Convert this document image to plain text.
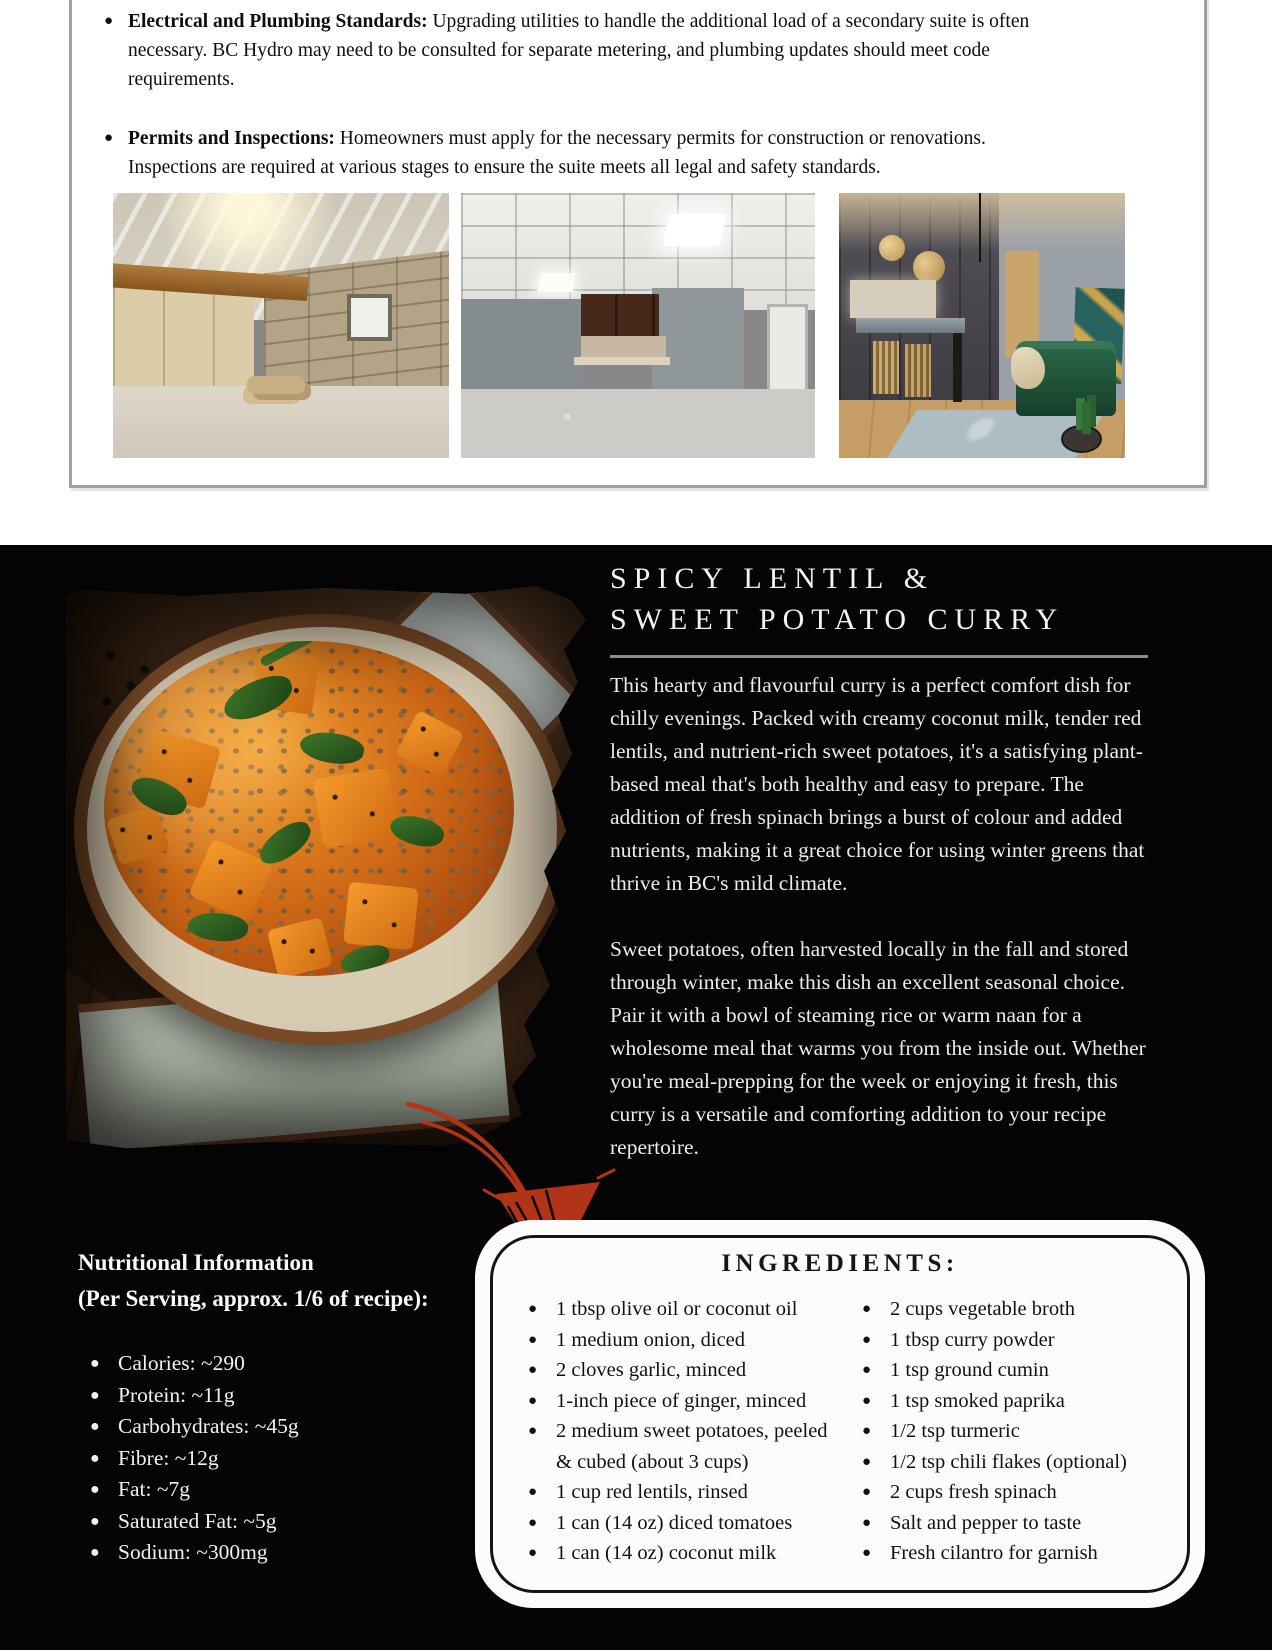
● Electrical and Plumbing Standards: Upgrading utilities to handle the additional load of a secondary suite is often necessary. BC Hydro may need to be consulted for separate metering, and plumbing updates should meet code requirements.
● Permits and Inspections: Homeowners must apply for the necessary permits for construction or renovations. Inspections are required at various stages to ensure the suite meets all legal and safety standards.
SPICY LENTIL &
SWEET POTATO CURRY

This hearty and flavourful curry is a perfect comfort dish for chilly evenings. Packed with creamy coconut milk, tender red lentils, and nutrient-rich sweet potatoes, it's a satisfying plant-based meal that's both healthy and easy to prepare. The addition of fresh spinach brings a burst of colour and added nutrients, making it a great choice for using winter greens that thrive in BC's mild climate.

Sweet potatoes, often harvested locally in the fall and stored through winter, make this dish an excellent seasonal choice. Pair it with a bowl of steaming rice or warm naan for a wholesome meal that warms you from the inside out. Whether you're meal-prepping for the week or enjoying it fresh, this curry is a versatile and comforting addition to your recipe repertoire.

Nutritional Information
(Per Serving, approx. 1/6 of recipe):
● Calories: ~290
● Protein: ~11g
● Carbohydrates: ~45g
● Fibre: ~12g
● Fat: ~7g
● Saturated Fat: ~5g
● Sodium: ~300mg
INGREDIENTS:
● 1 tbsp olive oil or coconut oil
● 1 medium onion, diced
● 2 cloves garlic, minced
● 1-inch piece of ginger, minced
● 2 medium sweet potatoes, peeled & cubed (about 3 cups)
● 1 cup red lentils, rinsed
● 1 can (14 oz) diced tomatoes
● 1 can (14 oz) coconut milk
● 2 cups vegetable broth
● 1 tbsp curry powder
● 1 tsp ground cumin
● 1 tsp smoked paprika
● 1/2 tsp turmeric
● 1/2 tsp chili flakes (optional)
● 2 cups fresh spinach
● Salt and pepper to taste
● Fresh cilantro for garnish
